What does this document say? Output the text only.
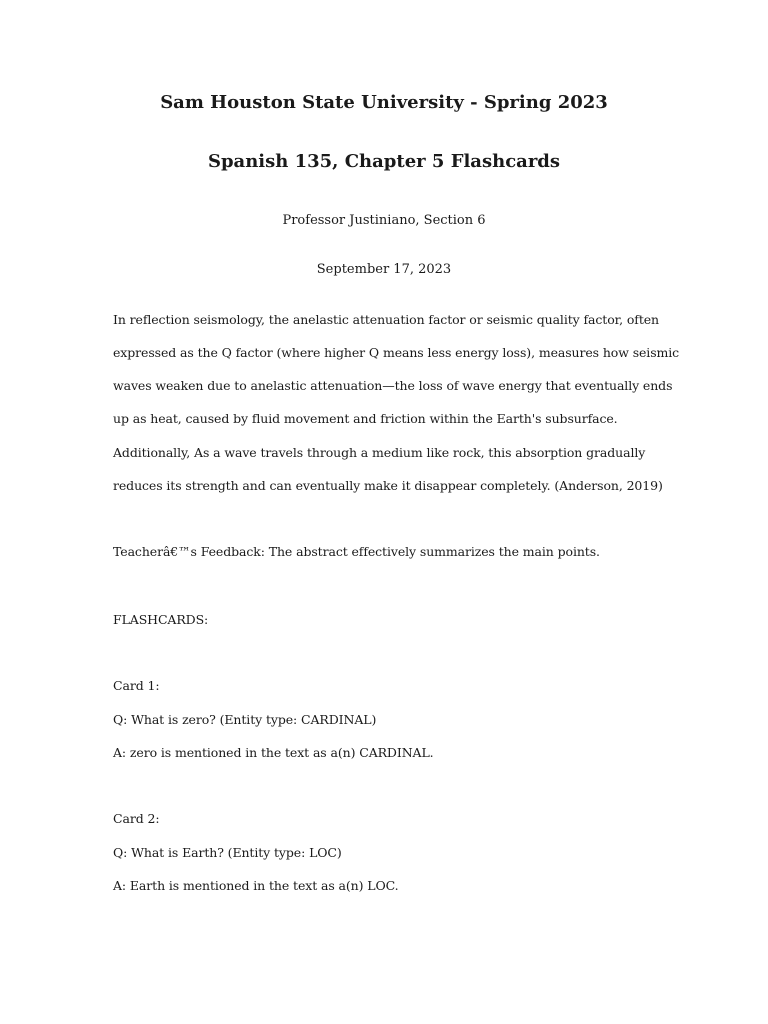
Sam Houston State University - Spring 2023
Spanish 135, Chapter 5 Flashcards
Professor Justiniano, Section 6
September 17, 2023
In reflection seismology, the anelastic attenuation factor or seismic quality factor, often
expressed as the Q factor (where higher Q means less energy loss), measures how seismic
waves weaken due to anelastic attenuation—the loss of wave energy that eventually ends
up as heat, caused by fluid movement and friction within the Earth's subsurface.
Additionally, As a wave travels through a medium like rock, this absorption gradually
reduces its strength and can eventually make it disappear completely. (Anderson, 2019)
Teacherâ€™s Feedback: The abstract effectively summarizes the main points.
FLASHCARDS:
Card 1:
Q: What is zero? (Entity type: CARDINAL)
A: zero is mentioned in the text as a(n) CARDINAL.
Card 2:
Q: What is Earth? (Entity type: LOC)
A: Earth is mentioned in the text as a(n) LOC.
